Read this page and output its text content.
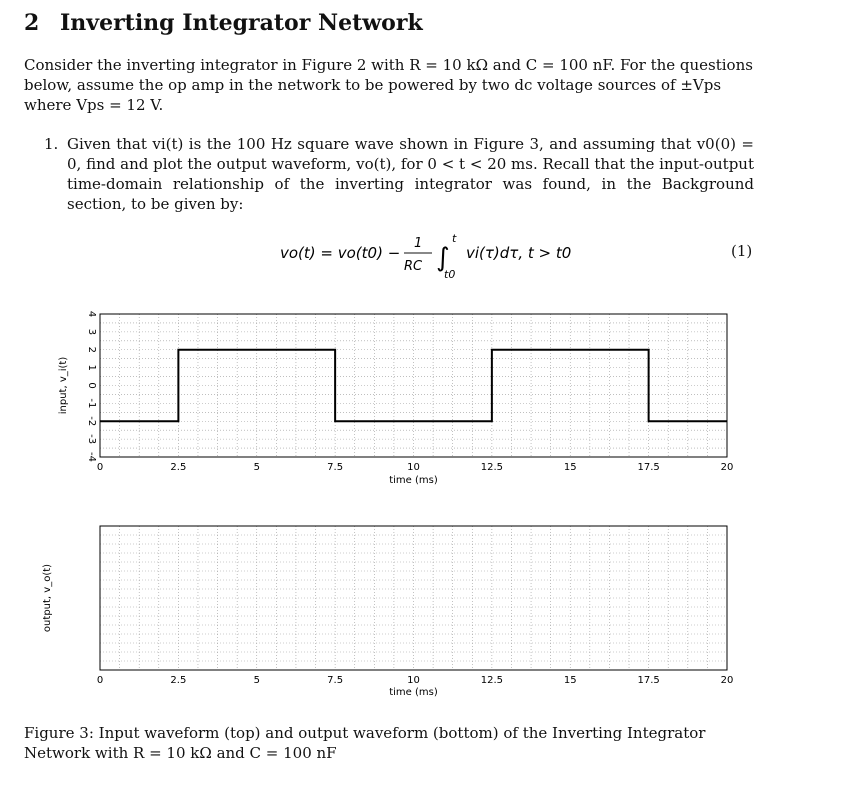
2 Inverting Integrator Network
Consider the inverting integrator in Figure 2 with R = 10 kΩ and C = 100 nF. For the questions below, assume the op amp in the network to be powered by two dc voltage sources of ±Vps where Vps = 12 V.
1. Given that vi(t) is the 100 Hz square wave shown in Figure 3, and assuming that v0(0) = 0, find and plot the output waveform, vo(t), for 0 < t < 20 ms. Recall that the input-output time-domain relationship of the inverting integrator was found, in the Background section, to be given by:
vo(t) = vo(t0) −
1
RC ∫
t
t0
vi(τ)dτ, t > t0	(1)
0	2.5	5	7.5	10	12.5	15	17.5	20
time (ms)
input, v_i(t)
4
3
2
1
0
-1
-2
-3
-4
0	2.5	5	7.5	10	12.5	15	17.5	20
time (ms)
output, v_o(t)
Figure 3: Input waveform (top) and output waveform (bottom) of the Inverting Integrator Network with R = 10 kΩ and C = 100 nF
